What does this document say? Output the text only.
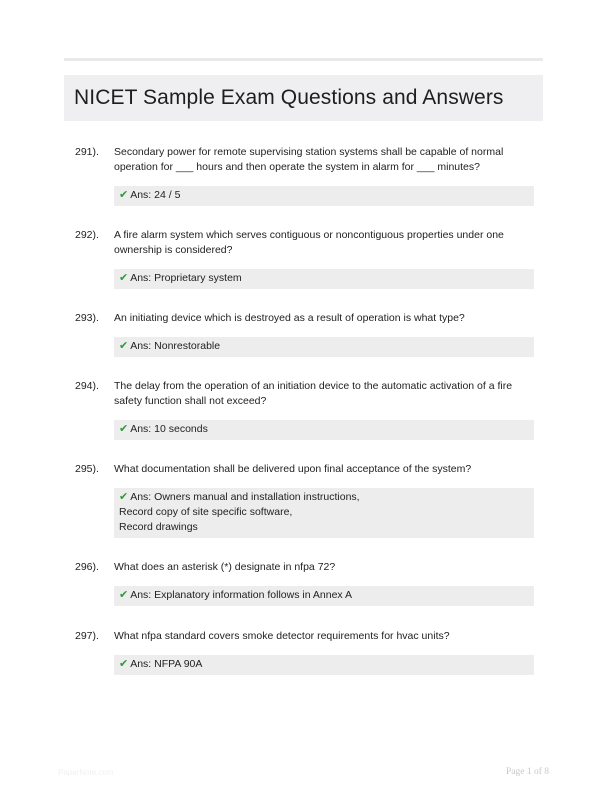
NICET Sample Exam Questions and Answers
291). Secondary power for remote supervising station systems shall be capable of normal operation for ___ hours and then operate the system in alarm for ___ minutes?
✔ Ans: 24 / 5
292). A fire alarm system which serves contiguous or noncontiguous properties under one ownership is considered?
✔ Ans: Proprietary system
293). An initiating device which is destroyed as a result of operation is what type?
✔ Ans: Nonrestorable
294). The delay from the operation of an initiation device to the automatic activation of a fire safety function shall not exceed?
✔ Ans: 10 seconds
295). What documentation shall be delivered upon final acceptance of the system?
✔ Ans: Owners manual and installation instructions,
Record copy of site specific software,
Record drawings
296). What does an asterisk (*) designate in nfpa 72?
✔ Ans: Explanatory information follows in Annex A
297). What nfpa standard covers smoke detector requirements for hvac units?
✔ Ans: NFPA 90A
PaperNote.com	Page 1 of 8
